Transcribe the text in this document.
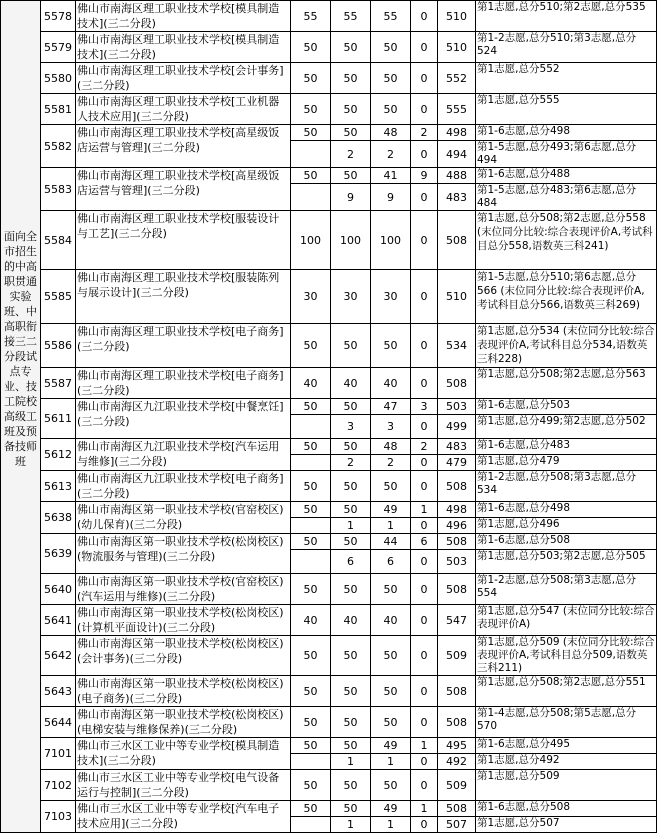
面向全市招生的中高职贯通实验班、中高职衔接三二分段试点专业、技工院校高级工班及预备技师班	5578	佛山市南海区理工职业技术学校[模具制造技术](三二分段)	55	55	55	0	510	第1志愿,总分510;第2志愿,总分535
	5579	佛山市南海区理工职业技术学校[模具制造技术](三二分段)	50	50	50	0	510	第1-2志愿,总分510;第3志愿,总分524
	5580	佛山市南海区理工职业技术学校[会计事务](三二分段)	50	50	50	0	552	第1志愿,总分552
	5581	佛山市南海区理工职业技术学校[工业机器人技术应用](三二分段)	50	50	50	0	555	第1志愿,总分555
	5582	佛山市南海区理工职业技术学校[高星级饭店运营与管理](三二分段)	50	50	48	2	498	第1-6志愿,总分498
				2	2	0	494	第1-5志愿,总分493;第6志愿,总分494
	5583	佛山市南海区理工职业技术学校[高星级饭店运营与管理](三二分段)	50	50	41	9	488	第1-6志愿,总分488
				9	9	0	483	第1-5志愿,总分483;第6志愿,总分484
	5584	佛山市南海区理工职业技术学校[服装设计与工艺](三二分段)	100	100	100	0	508	第1志愿,总分508;第2志愿,总分558 (末位同分比较:综合表现评价A,考试科目总分558,语数英三科241)
	5585	佛山市南海区理工职业技术学校[服装陈列与展示设计](三二分段)	30	30	30	0	510	第1-5志愿,总分510;第6志愿,总分566 (末位同分比较:综合表现评价A,考试科目总分566,语数英三科269)
	5586	佛山市南海区理工职业技术学校[电子商务](三二分段)	50	50	50	0	534	第1志愿,总分534 (末位同分比较:综合表现评价A,考试科目总分534,语数英三科228)
	5587	佛山市南海区理工职业技术学校[电子商务](三二分段)	40	40	40	0	508	第1志愿,总分508;第2志愿,总分563
	5611	佛山市南海区九江职业技术学校[中餐烹饪](三二分段)	50	50	47	3	503	第1-6志愿,总分503
				3	3	0	499	第1志愿,总分499;第2志愿,总分502
	5612	佛山市南海区九江职业技术学校[汽车运用与维修](三二分段)	50	50	48	2	483	第1-6志愿,总分483
				2	2	0	479	第1志愿,总分479
	5613	佛山市南海区九江职业技术学校[电子商务](三二分段)	50	50	50	0	508	第1-2志愿,总分508;第3志愿,总分534
	5638	佛山市南海区第一职业技术学校(官窑校区)(幼儿保育)(三二分段)	50	50	49	1	498	第1-6志愿,总分498
				1	1	0	496	第1志愿,总分496
	5639	佛山市南海区第一职业技术学校(松岗校区)(物流服务与管理)(三二分段)	50	50	44	6	508	第1-6志愿,总分508
				6	6	0	503	第1志愿,总分503;第2志愿,总分505
	5640	佛山市南海区第一职业技术学校(官窑校区)(汽车运用与维修)(三二分段)	50	50	50	0	508	第1-2志愿,总分508;第3志愿,总分554
	5641	佛山市南海区第一职业技术学校(松岗校区)(计算机平面设计)(三二分段)	40	40	40	0	547	第1志愿,总分547 (末位同分比较:综合表现评价A)
	5642	佛山市南海区第一职业技术学校(松岗校区)(会计事务)(三二分段)	50	50	50	0	509	第1志愿,总分509 (末位同分比较:综合表现评价A,考试科目总分509,语数英三科211)
	5643	佛山市南海区第一职业技术学校(松岗校区)(电子商务)(三二分段)	50	50	50	0	508	第1志愿,总分508;第2志愿,总分551
	5644	佛山市南海区第一职业技术学校(松岗校区)(电梯安装与维修保养)(三二分段)	50	50	50	0	508	第1-4志愿,总分508;第5志愿,总分570
	7101	佛山市三水区工业中等专业学校[模具制造技术](三二分段)	50	50	49	1	495	第1-6志愿,总分495
				1	1	0	492	第1志愿,总分492
	7102	佛山市三水区工业中等专业学校[电气设备运行与控制](三二分段)	50	50	50	0	509	第1志愿,总分509
	7103	佛山市三水区工业中等专业学校[汽车电子技术应用](三二分段)	50	50	49	1	508	第1-6志愿,总分508
				1	1	0	507	第1志愿,总分507
